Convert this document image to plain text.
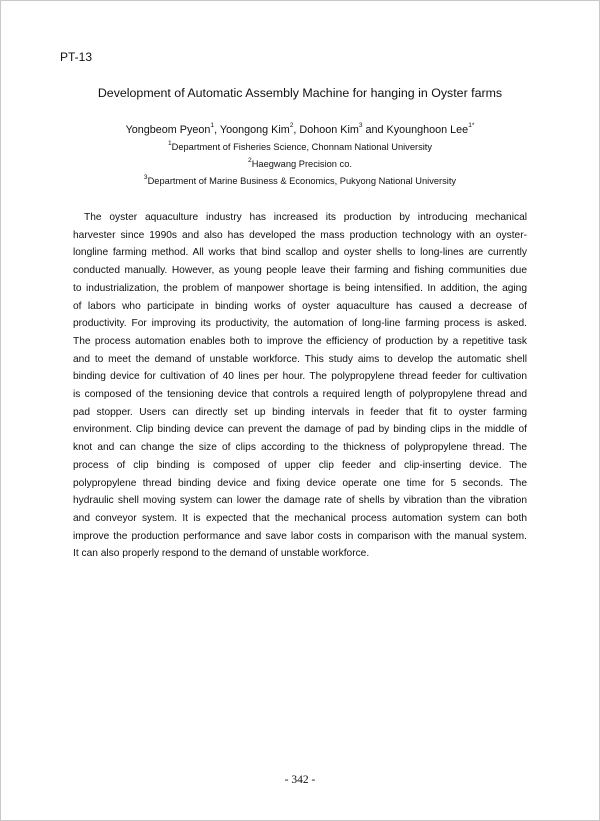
PT-13
Development of Automatic Assembly Machine for hanging in Oyster farms
Yongbeom Pyeon$^1$, Yoongong Kim$^2$, Dohoon Kim$^3$ and Kyounghoon Lee$^{1*}$
$^1$Department of Fisheries Science, Chonnam National University
$^2$Haegwang Precision co.
$^3$Department of Marine Business & Economics, Pukyong National University
The oyster aquaculture industry has increased its production by introducing mechanical
harvester since 1990s and also has developed the mass production technology with an oyster-
longline farming method. All works that bind scallop and oyster shells to long-lines are currently
conducted manually. However, as young people leave their farming and fishing communities due
to industrialization, the problem of manpower shortage is being intensified. In addition, the aging
of labors who participate in binding works of oyster aquaculture has caused a decrease of
productivity. For improving its productivity, the automation of long-line farming process is asked.
The process automation enables both to improve the efficiency of production by a repetitive task
and to meet the demand of unstable workforce. This study aims to develop the automatic shell
binding device for cultivation of 40 lines per hour. The polypropylene thread feeder for cultivation
is composed of the tensioning device that controls a required length of polypropylene thread and
pad stopper. Users can directly set up binding intervals in feeder that fit to oyster farming
environment. Clip binding device can prevent the damage of pad by binding clips in the middle of
knot and can change the size of clips according to the thickness of polypropylene thread. The
process of clip binding is composed of upper clip feeder and clip-inserting device. The
polypropylene thread binding device and fixing device operate one time for 5 seconds. The
hydraulic shell moving system can lower the damage rate of shells by vibration than the vibration
and conveyor system. It is expected that the mechanical process automation system can both
improve the production performance and save labor costs in comparison with the manual system.
It can also properly respond to the demand of unstable workforce.
- 342 -
